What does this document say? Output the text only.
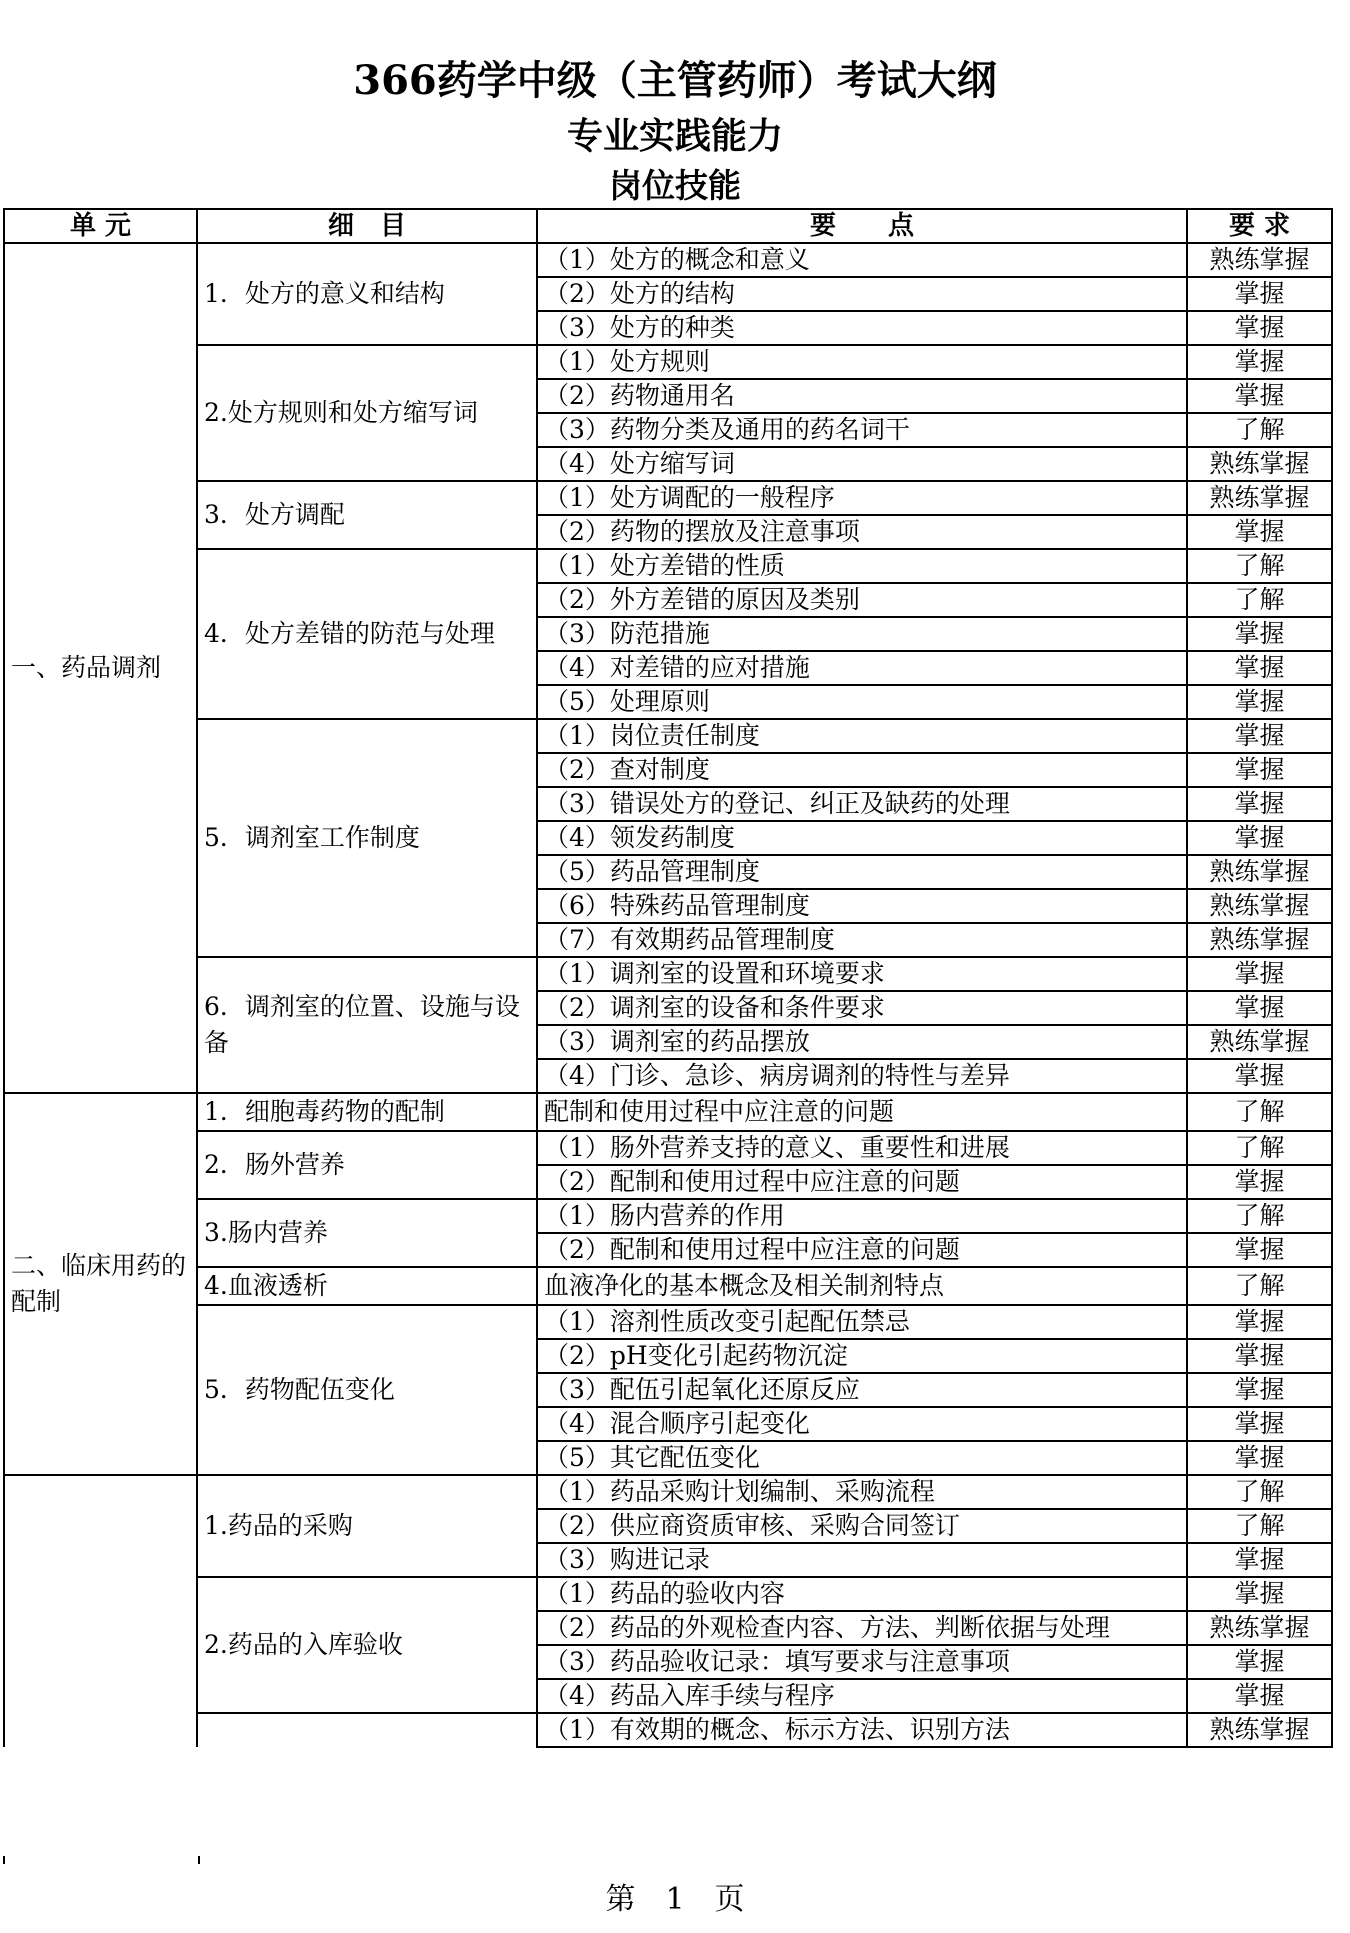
366药学中级（主管药师）考试大纲
专业实践能力
岗位技能
单 元	细　目	要　　点	要 求
一、药品调剂	1．处方的意义和结构	（1）处方的概念和意义	熟练掌握
		（2）处方的结构	掌握
		（3）处方的种类	掌握
	2.处方规则和处方缩写词	（1）处方规则	掌握
		（2）药物通用名	掌握
		（3）药物分类及通用的药名词干	了解
		（4）处方缩写词	熟练掌握
	3．处方调配	（1）处方调配的一般程序	熟练掌握
		（2）药物的摆放及注意事项	掌握
	4．处方差错的防范与处理	（1）处方差错的性质	了解
		（2）外方差错的原因及类别	了解
		（3）防范措施	掌握
		（4）对差错的应对措施	掌握
		（5）处理原则	掌握
	5．调剂室工作制度	（1）岗位责任制度	掌握
		（2）查对制度	掌握
		（3）错误处方的登记、纠正及缺药的处理	掌握
		（4）领发药制度	掌握
		（5）药品管理制度	熟练掌握
		（6）特殊药品管理制度	熟练掌握
		（7）有效期药品管理制度	熟练掌握
	6．调剂室的位置、设施与设备	（1）调剂室的设置和环境要求	掌握
		（2）调剂室的设备和条件要求	掌握
		（3）调剂室的药品摆放	熟练掌握
		（4）门诊、急诊、病房调剂的特性与差异	掌握
二、临床用药的配制	1．细胞毒药物的配制	配制和使用过程中应注意的问题	了解
	2．肠外营养	（1）肠外营养支持的意义、重要性和进展	了解
		（2）配制和使用过程中应注意的问题	掌握
	3.肠内营养	（1）肠内营养的作用	了解
		（2）配制和使用过程中应注意的问题	掌握
	4.血液透析	血液净化的基本概念及相关制剂特点	了解
	5．药物配伍变化	（1）溶剂性质改变引起配伍禁忌	掌握
		（2）pH变化引起药物沉淀	掌握
		（3）配伍引起氧化还原反应	掌握
		（4）混合顺序引起变化	掌握
		（5）其它配伍变化	掌握
	1.药品的采购	（1）药品采购计划编制、采购流程	了解
		（2）供应商资质审核、采购合同签订	了解
		（3）购进记录	掌握
	2.药品的入库验收	（1）药品的验收内容	掌握
		（2）药品的外观检查内容、方法、判断依据与处理	熟练掌握
		（3）药品验收记录：填写要求与注意事项	掌握
		（4）药品入库手续与程序	掌握
		（1）有效期的概念、标示方法、识别方法	熟练掌握
第　1　页
